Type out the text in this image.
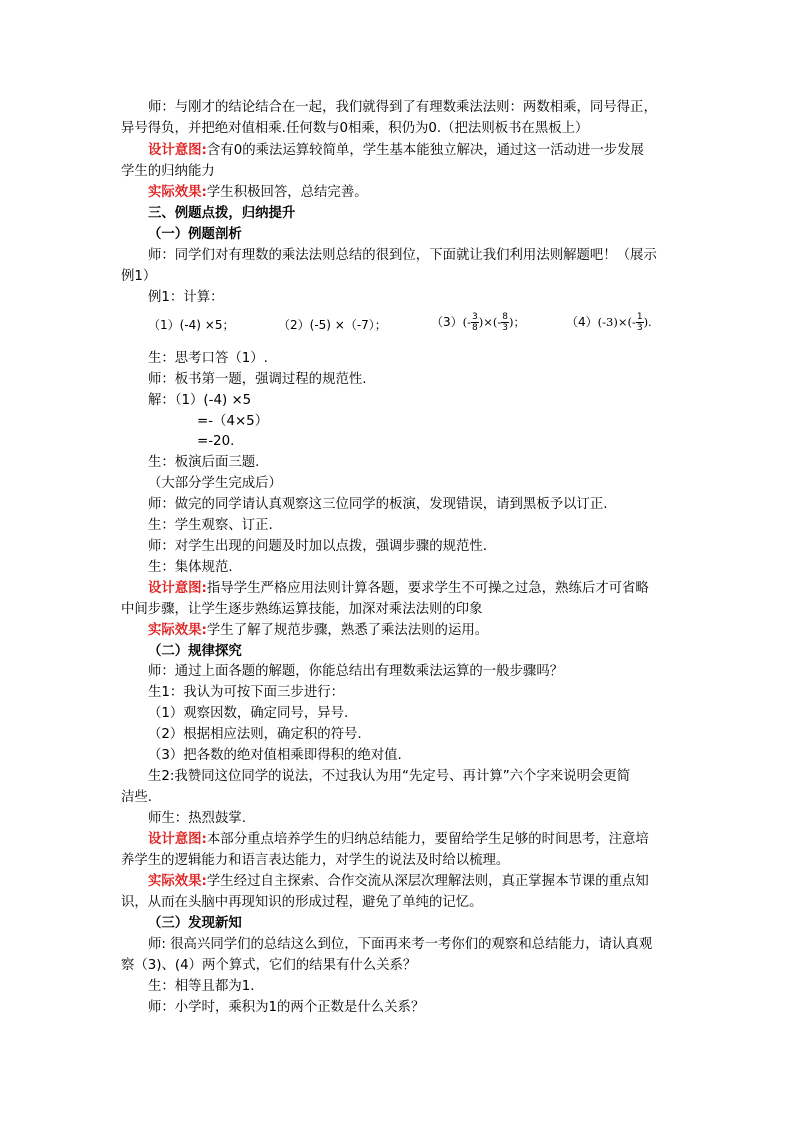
师：与刚才的结论结合在一起，我们就得到了有理数乘法法则：两数相乘，同号得正，
异号得负，并把绝对值相乘.任何数与0相乘，积仍为0.（把法则板书在黑板上）
设计意图:含有0的乘法运算较简单，学生基本能独立解决，通过这一活动进一步发展
学生的归纳能力
实际效果:学生积极回答，总结完善。
三、例题点拨，归纳提升
（一）例题剖析
师：同学们对有理数的乘法法则总结的很到位，下面就让我们利用法则解题吧！（展示
例1）
例1：计算：
（1）(-4) ×5；	（2）(-5) ×（-7）；	$(3)(- \frac{3}{8}$ )×(- $\frac{8}{3}$ )；	$(4)(-3)\times(- \frac{1}{3}$ ).
生：思考口答（1）.
师：板书第一题，强调过程的规范性.
解：（1）(-4) ×5
=-（4×5）
=-20.
生：板演后面三题.
（大部分学生完成后）
师：做完的同学请认真观察这三位同学的板演，发现错误，请到黑板予以订正.
生：学生观察、订正.
师：对学生出现的问题及时加以点拨，强调步骤的规范性.
生：集体规范.
设计意图:指导学生严格应用法则计算各题，要求学生不可操之过急，熟练后才可省略
中间步骤，让学生逐步熟练运算技能，加深对乘法法则的印象
实际效果:学生了解了规范步骤，熟悉了乘法法则的运用。
（二）规律探究
师：通过上面各题的解题，你能总结出有理数乘法运算的一般步骤吗？
生1：我认为可按下面三步进行：
（1）观察因数，确定同号，异号.
（2）根据相应法则，确定积的符号.
（3）把各数的绝对值相乘即得积的绝对值.
生2:我赞同这位同学的说法，不过我认为用“先定号、再计算”六个字来说明会更简
洁些.
师生：热烈鼓掌.
设计意图:本部分重点培养学生的归纳总结能力，要留给学生足够的时间思考，注意培
养学生的逻辑能力和语言表达能力，对学生的说法及时给以梳理。
实际效果:学生经过自主探索、合作交流从深层次理解法则，真正掌握本节课的重点知
识，从而在头脑中再现知识的形成过程，避免了单纯的记忆。
（三）发现新知
师: 很高兴同学们的总结这么到位，下面再来考一考你们的观察和总结能力，请认真观
察（3)、(4）两个算式，它们的结果有什么关系？
生：相等且都为1.
师：小学时，乘积为1的两个正数是什么关系？
